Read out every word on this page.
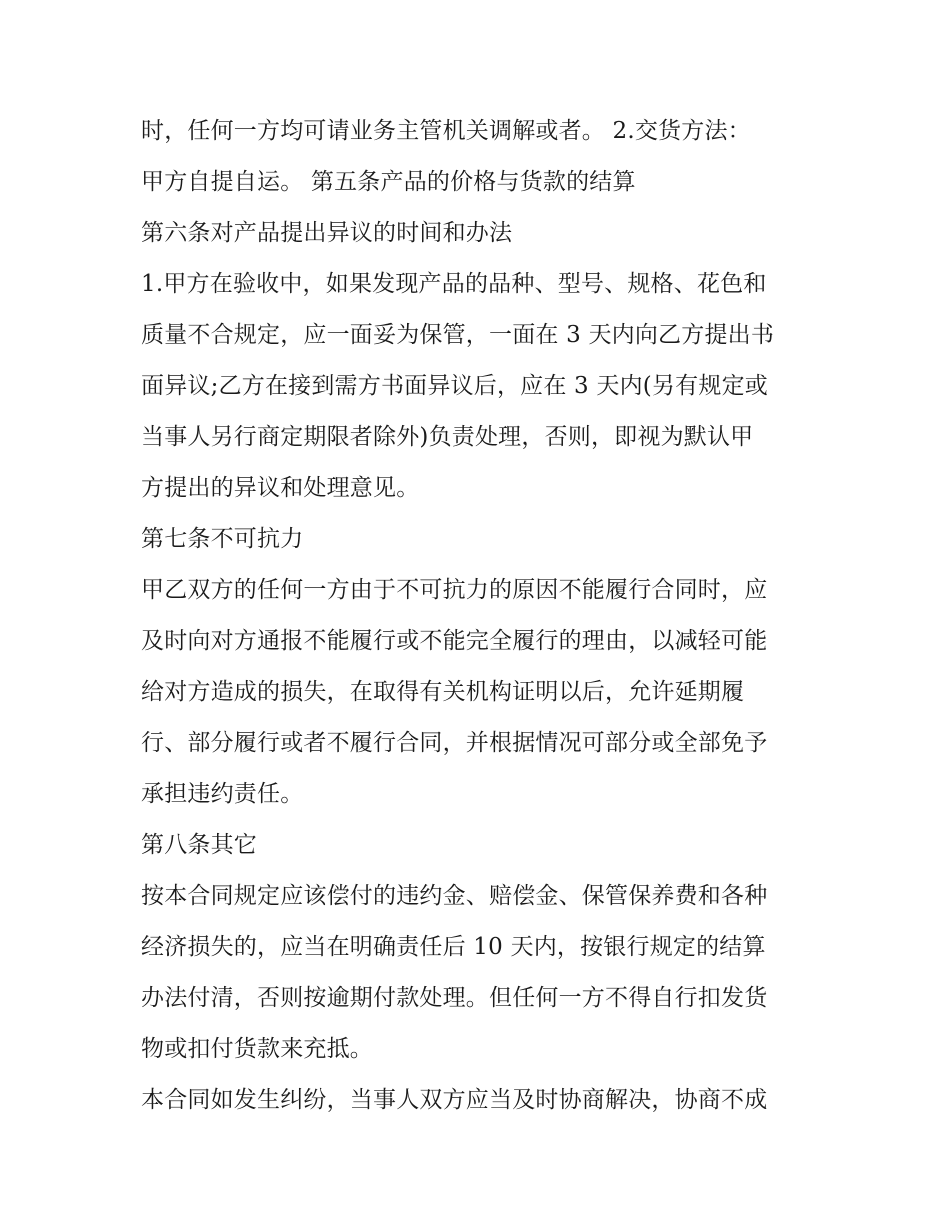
时，任何一方均可请业务主管机关调解或者。 2.交货方法：
甲方自提自运。 第五条产品的价格与货款的结算
第六条对产品提出异议的时间和办法
1.甲方在验收中，如果发现产品的品种、型号、规格、花色和
质量不合规定，应一面妥为保管，一面在 3 天内向乙方提出书
面异议;乙方在接到需方书面异议后，应在 3 天内(另有规定或
当事人另行商定期限者除外)负责处理，否则，即视为默认甲
方提出的异议和处理意见。
第七条不可抗力
甲乙双方的任何一方由于不可抗力的原因不能履行合同时，应
及时向对方通报不能履行或不能完全履行的理由，以减轻可能
给对方造成的损失，在取得有关机构证明以后，允许延期履
行、部分履行或者不履行合同，并根据情况可部分或全部免予
承担违约责任。
第八条其它
按本合同规定应该偿付的违约金、赔偿金、保管保养费和各种
经济损失的，应当在明确责任后 10 天内，按银行规定的结算
办法付清，否则按逾期付款处理。但任何一方不得自行扣发货
物或扣付货款来充抵。
本合同如发生纠纷，当事人双方应当及时协商解决，协商不成
